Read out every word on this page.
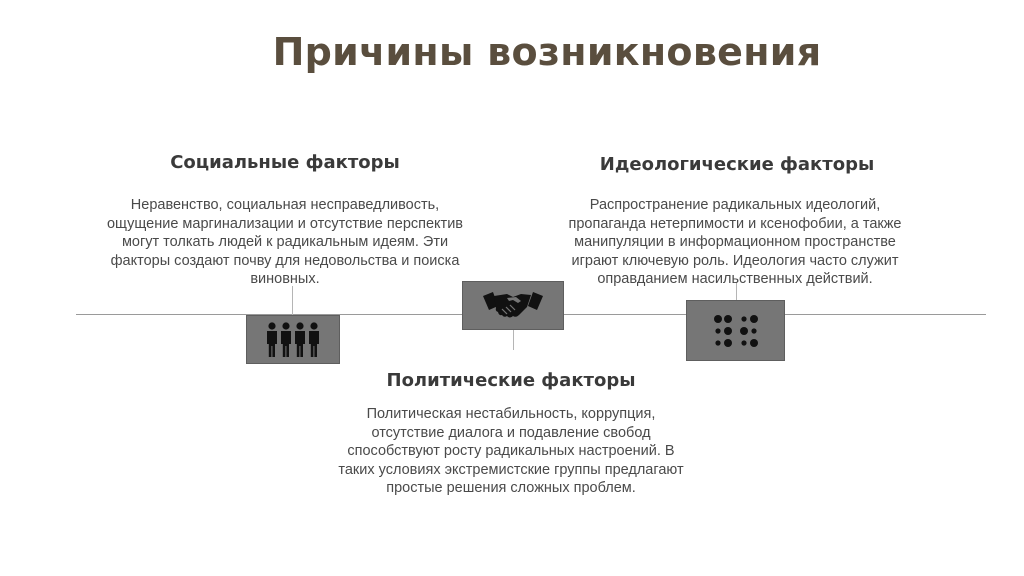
Причины возникновения
Социальные факторы
Неравенство, социальная несправедливость,
ощущение маргинализации и отсутствие перспектив
могут толкать людей к радикальным идеям. Эти
факторы создают почву для недовольства и поиска
виновных.
Идеологические факторы
Распространение радикальных идеологий,
пропаганда нетерпимости и ксенофобии, а также
манипуляции в информационном пространстве
играют ключевую роль. Идеология часто служит
оправданием насильственных действий.
Политические факторы
Политическая нестабильность, коррупция,
отсутствие диалога и подавление свобод
способствуют росту радикальных настроений. В
таких условиях экстремистские группы предлагают
простые решения сложных проблем.
